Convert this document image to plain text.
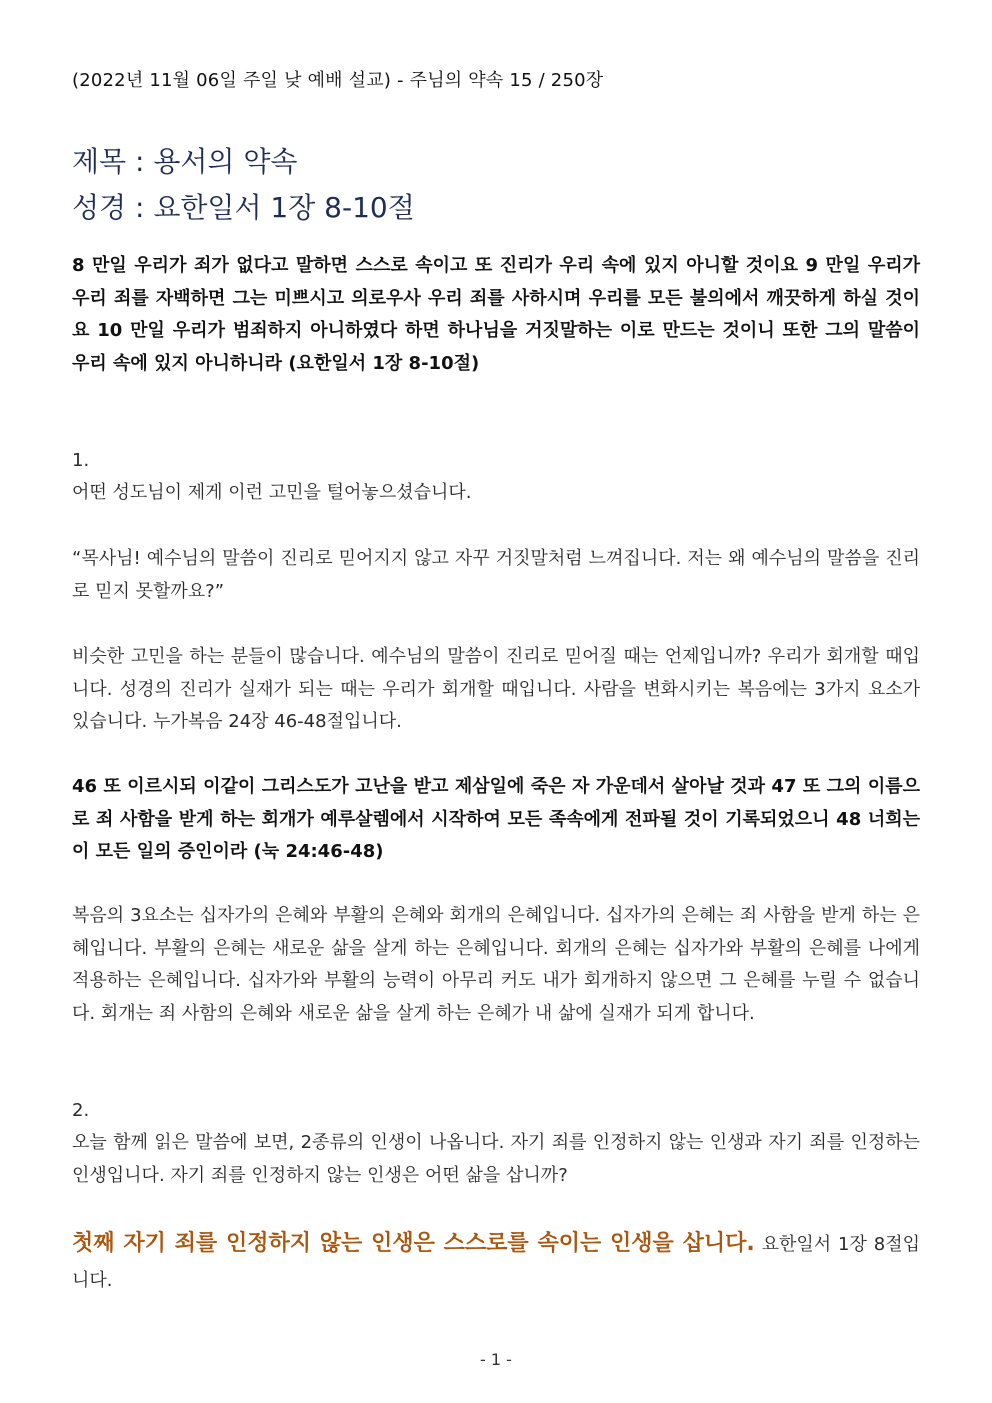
(2022년 11월 06일 주일 낮 예배 설교) - 주님의 약속 15 / 250장
제목 : 용서의 약속
성경 : 요한일서 1장 8-10절

8 만일 우리가 죄가 없다고 말하면 스스로 속이고 또 진리가 우리 속에 있지 아니할 것이요 9 만일 우리가 우리 죄를 자백하면 그는 미쁘시고 의로우사 우리 죄를 사하시며 우리를 모든 불의에서 깨끗하게 하실 것이요 10 만일 우리가 범죄하지 아니하였다 하면 하나님을 거짓말하는 이로 만드는 것이니 또한 그의 말씀이 우리 속에 있지 아니하니라 (요한일서 1장 8-10절)

1.

어떤 성도님이 제게 이런 고민을 털어놓으셨습니다.

“목사님! 예수님의 말씀이 진리로 믿어지지 않고 자꾸 거짓말처럼 느껴집니다. 저는 왜 예수님의 말씀을 진리로 믿지 못할까요?”

비슷한 고민을 하는 분들이 많습니다. 예수님의 말씀이 진리로 믿어질 때는 언제입니까? 우리가 회개할 때입니다. 성경의 진리가 실재가 되는 때는 우리가 회개할 때입니다. 사람을 변화시키는 복음에는 3가지 요소가 있습니다. 누가복음 24장 46-48절입니다.

46 또 이르시되 이같이 그리스도가 고난을 받고 제삼일에 죽은 자 가운데서 살아날 것과 47 또 그의 이름으로 죄 사함을 받게 하는 회개가 예루살렘에서 시작하여 모든 족속에게 전파될 것이 기록되었으니 48 너희는 이 모든 일의 증인이라 (눅 24:46-48)

복음의 3요소는 십자가의 은혜와 부활의 은혜와 회개의 은혜입니다. 십자가의 은혜는 죄 사함을 받게 하는 은혜입니다. 부활의 은혜는 새로운 삶을 살게 하는 은혜입니다. 회개의 은혜는 십자가와 부활의 은혜를 나에게 적용하는 은혜입니다. 십자가와 부활의 능력이 아무리 커도 내가 회개하지 않으면 그 은혜를 누릴 수 없습니다. 회개는 죄 사함의 은혜와 새로운 삶을 살게 하는 은혜가 내 삶에 실재가 되게 합니다.

2.

오늘 함께 읽은 말씀에 보면, 2종류의 인생이 나옵니다. 자기 죄를 인정하지 않는 인생과 자기 죄를 인정하는 인생입니다. 자기 죄를 인정하지 않는 인생은 어떤 삶을 삽니까?

첫째 자기 죄를 인정하지 않는 인생은 스스로를 속이는 인생을 삽니다. 요한일서 1장 8절입니다.

- 1 -
